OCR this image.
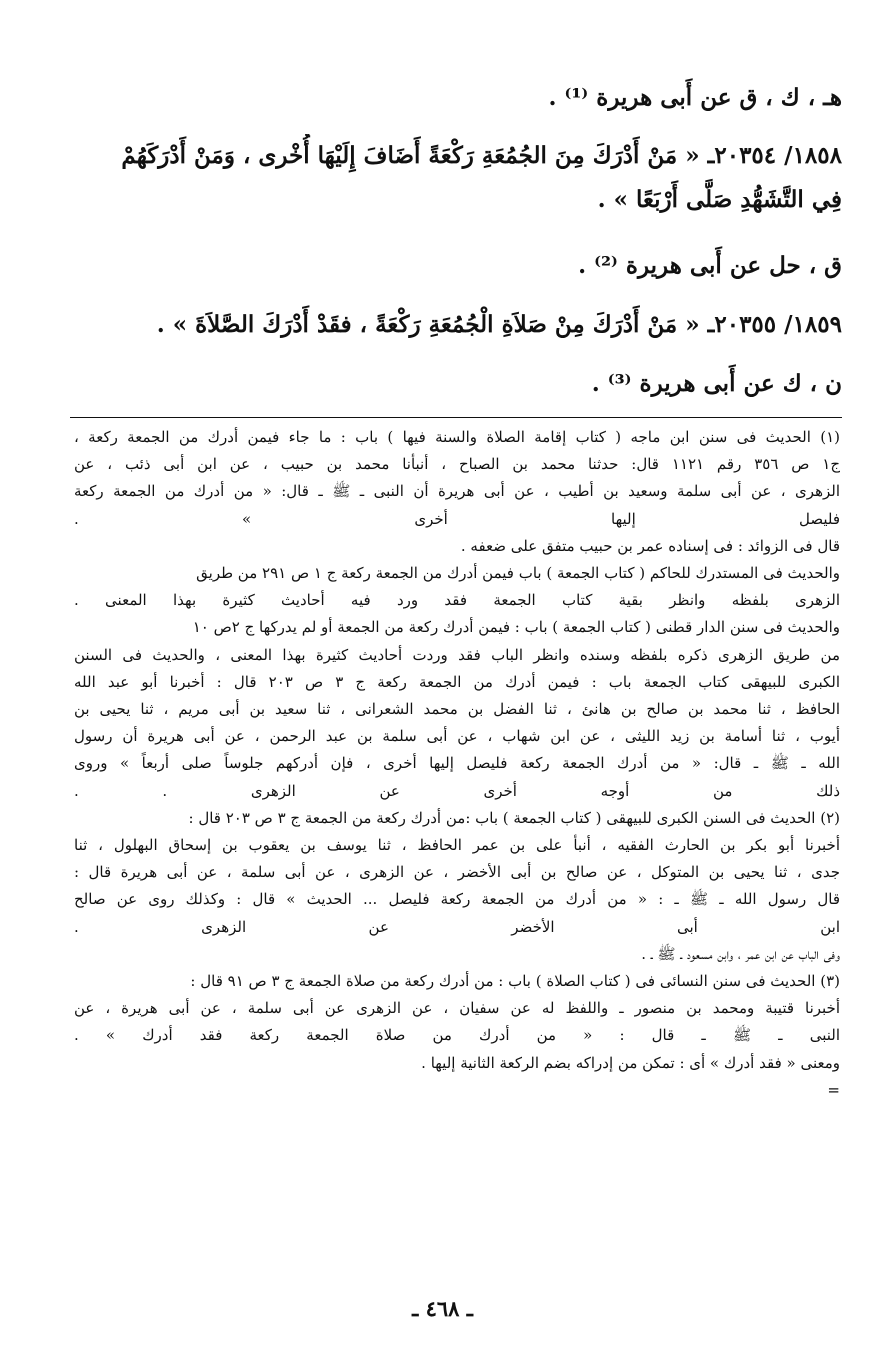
هـ ، ك ، ق عن أَبى هريرة ⁽¹⁾ .
١٨٥٨/ ٢٠٣٥٤ـ « مَنْ أَدْرَكَ مِنَ الجُمُعَةِ رَكْعَةً أَضَافَ إِلَيْهَا أُخْرى ، وَمَنْ أَدْرَكَهُمْ
فِي التَّشَهُّدِ صَلَّى أَرْبَعًا » .
ق ، حل عن أَبى هريرة ⁽²⁾ .
١٨٥٩/ ٢٠٣٥٥ـ « مَنْ أَدْرَكَ مِنْ صَلاَةِ الْجُمُعَةِ رَكْعَةً ، فقَدْ أَدْرَكَ الصَّلاَةَ » .
ن ، ك عن أَبى هريرة ⁽³⁾ .
(١) الحديث فى سنن ابن ماجه ( كتاب إقامة الصلاة والسنة فيها ) باب : ما جاء فيمن أدرك من الجمعة ركعة ،
ج١ ص ٣٥٦ رقم ١١٢١ قال: حدثنا محمد بن الصباح ، أنبأنا محمد بن حبيب ، عن ابن أبى ذئب ، عن
الزهرى ، عن أبى سلمة وسعيد بن أطيب ، عن أبى هريرة أن النبى ـ ﷺ ـ قال: « من أدرك من الجمعة ركعة
فليصل إليها أخرى » .
قال فى الزوائد : فى إسناده عمر بن حبيب متفق على ضعفه .
والحديث فى المستدرك للحاكم ( كتاب الجمعة ) باب فيمن أدرك من الجمعة ركعة ج ١ ص ٢٩١ من طريق
الزهرى بلفظه وانظر بقية كتاب الجمعة فقد ورد فيه أحاديث كثيرة بهذا المعنى .
والحديث فى سنن الدار قطنى ( كتاب الجمعة ) باب : فيمن أدرك ركعة من الجمعة أو لم يدركها ج ٢ص ١٠
من طريق الزهرى ذكره بلفظه وسنده وانظر الباب فقد وردت أحاديث كثيرة بهذا المعنى ، والحديث فى السنن
الكبرى للبيهقى كتاب الجمعة باب : فيمن أدرك من الجمعة ركعة ج ٣ ص ٢٠٣ قال : أخبرنا أبو عبد الله
الحافظ ، ثنا محمد بن صالح بن هانئ ، ثنا الفضل بن محمد الشعرانى ، ثنا سعيد بن أبى مريم ، ثنا يحيى بن
أيوب ، ثنا أسامة بن زيد الليثى ، عن ابن شهاب ، عن أبى سلمة بن عبد الرحمن ، عن أبى هريرة أن رسول
الله ـ ﷺ ـ قال: « من أدرك الجمعة ركعة فليصل إليها أخرى ، فإن أدركهم جلوساً صلى أربعاً » وروى
ذلك من أوجه أخرى عن الزهرى . .
(٢) الحديث فى السنن الكبرى للبيهقى ( كتاب الجمعة ) باب :من أدرك ركعة من الجمعة ج ٣ ص ٢٠٣ قال :
أخبرنا أبو بكر بن الحارث الفقيه ، أنبأ على بن عمر الحافظ ، ثنا يوسف بن يعقوب بن إسحاق البهلول ، ثنا
جدى ، ثنا يحيى بن المتوكل ، عن صالح بن أبى الأخضر ، عن الزهرى ، عن أبى سلمة ، عن أبى هريرة قال :
قال رسول الله ـ ﷺ ـ : « من أدرك من الجمعة ركعة فليصل ... الحديث » قال : وكذلك روى عن صالح
ابن أبى الأخضر عن الزهرى .
وفى الباب عن ابن عمر ، وابن مسعود ـ ﷺ ـ .
(٣) الحديث فى سنن النسائى فى ( كتاب الصلاة ) باب : من أدرك ركعة من صلاة الجمعة ج ٣ ص ٩١ قال :
أخبرنا قتيبة ومحمد بن منصور ـ واللفظ له عن سفيان ، عن الزهرى عن أبى سلمة ، عن أبى هريرة ، عن
النبى ـ ﷺ ـ قال : « من أدرك من صلاة الجمعة ركعة فقد أدرك » .
ومعنى « فقد أدرك » أى : تمكن من إدراكه بضم الركعة الثانية إليها .
=
ـ ٤٦٨ ـ
